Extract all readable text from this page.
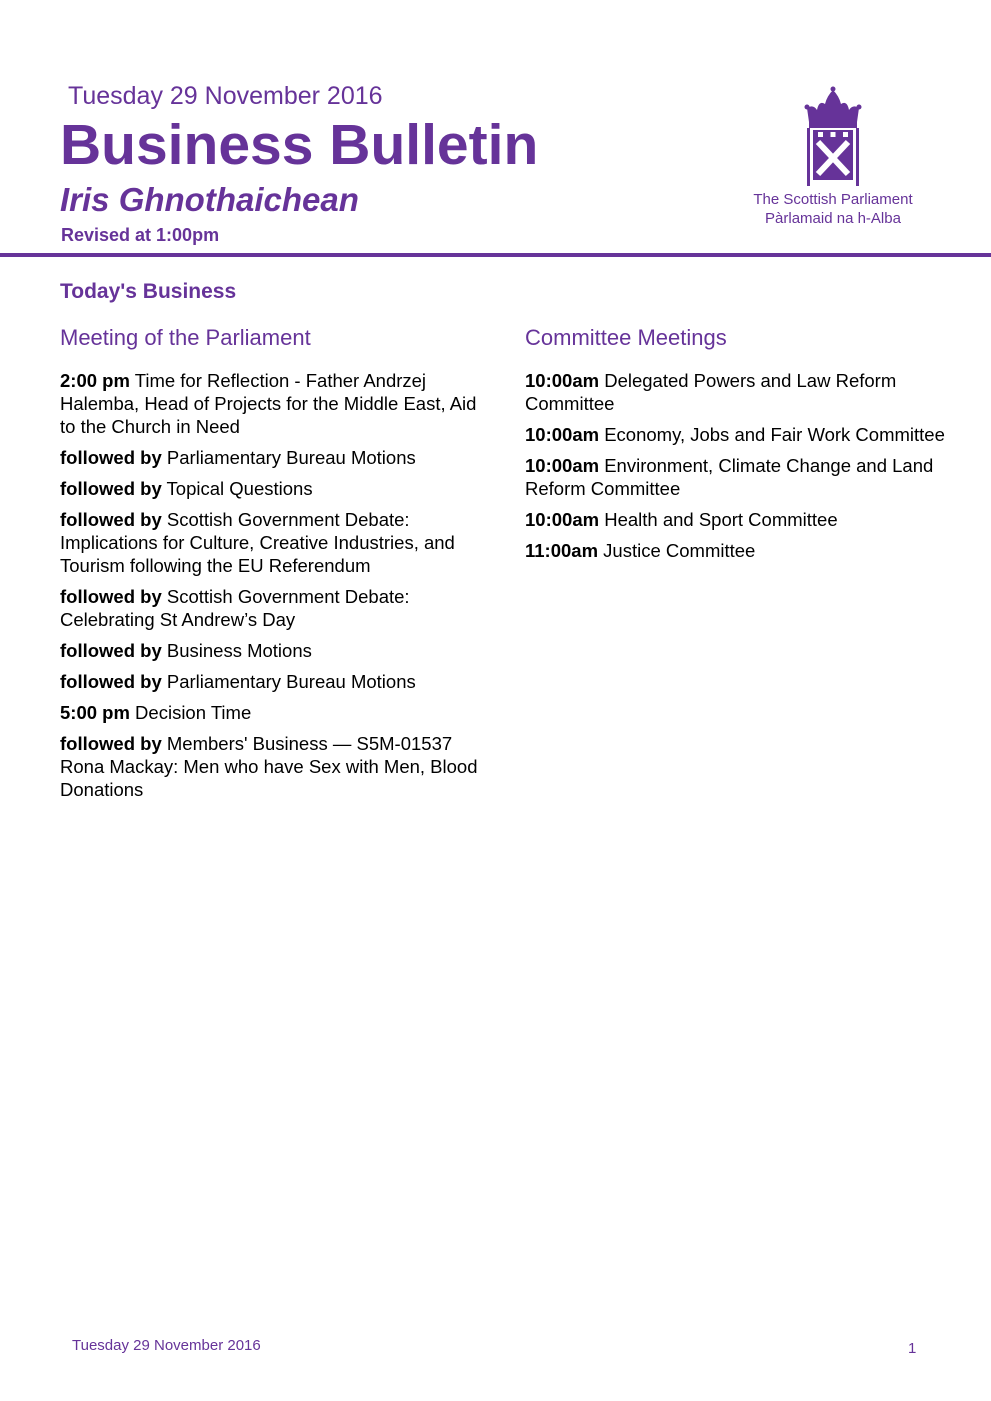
Tuesday 29 November 2016
Business Bulletin
Iris Ghnothaichean
Revised at 1:00pm
The Scottish Parliament
Pàrlamaid na h-Alba
Today's Business
Meeting of the Parliament
2:00 pm Time for Reflection - Father Andrzej Halemba, Head of Projects for the Middle East, Aid to the Church in Need
followed by Parliamentary Bureau Motions
followed by Topical Questions
followed by Scottish Government Debate: Implications for Culture, Creative Industries, and Tourism following the EU Referendum
followed by Scottish Government Debate: Celebrating St Andrew’s Day
followed by Business Motions
followed by Parliamentary Bureau Motions
5:00 pm Decision Time
followed by Members' Business — S5M-01537 Rona Mackay: Men who have Sex with Men, Blood Donations
Committee Meetings
10:00am Delegated Powers and Law Reform Committee
10:00am Economy, Jobs and Fair Work Committee
10:00am Environment, Climate Change and Land Reform Committee
10:00am Health and Sport Committee
11:00am Justice Committee
Tuesday 29 November 2016	1
